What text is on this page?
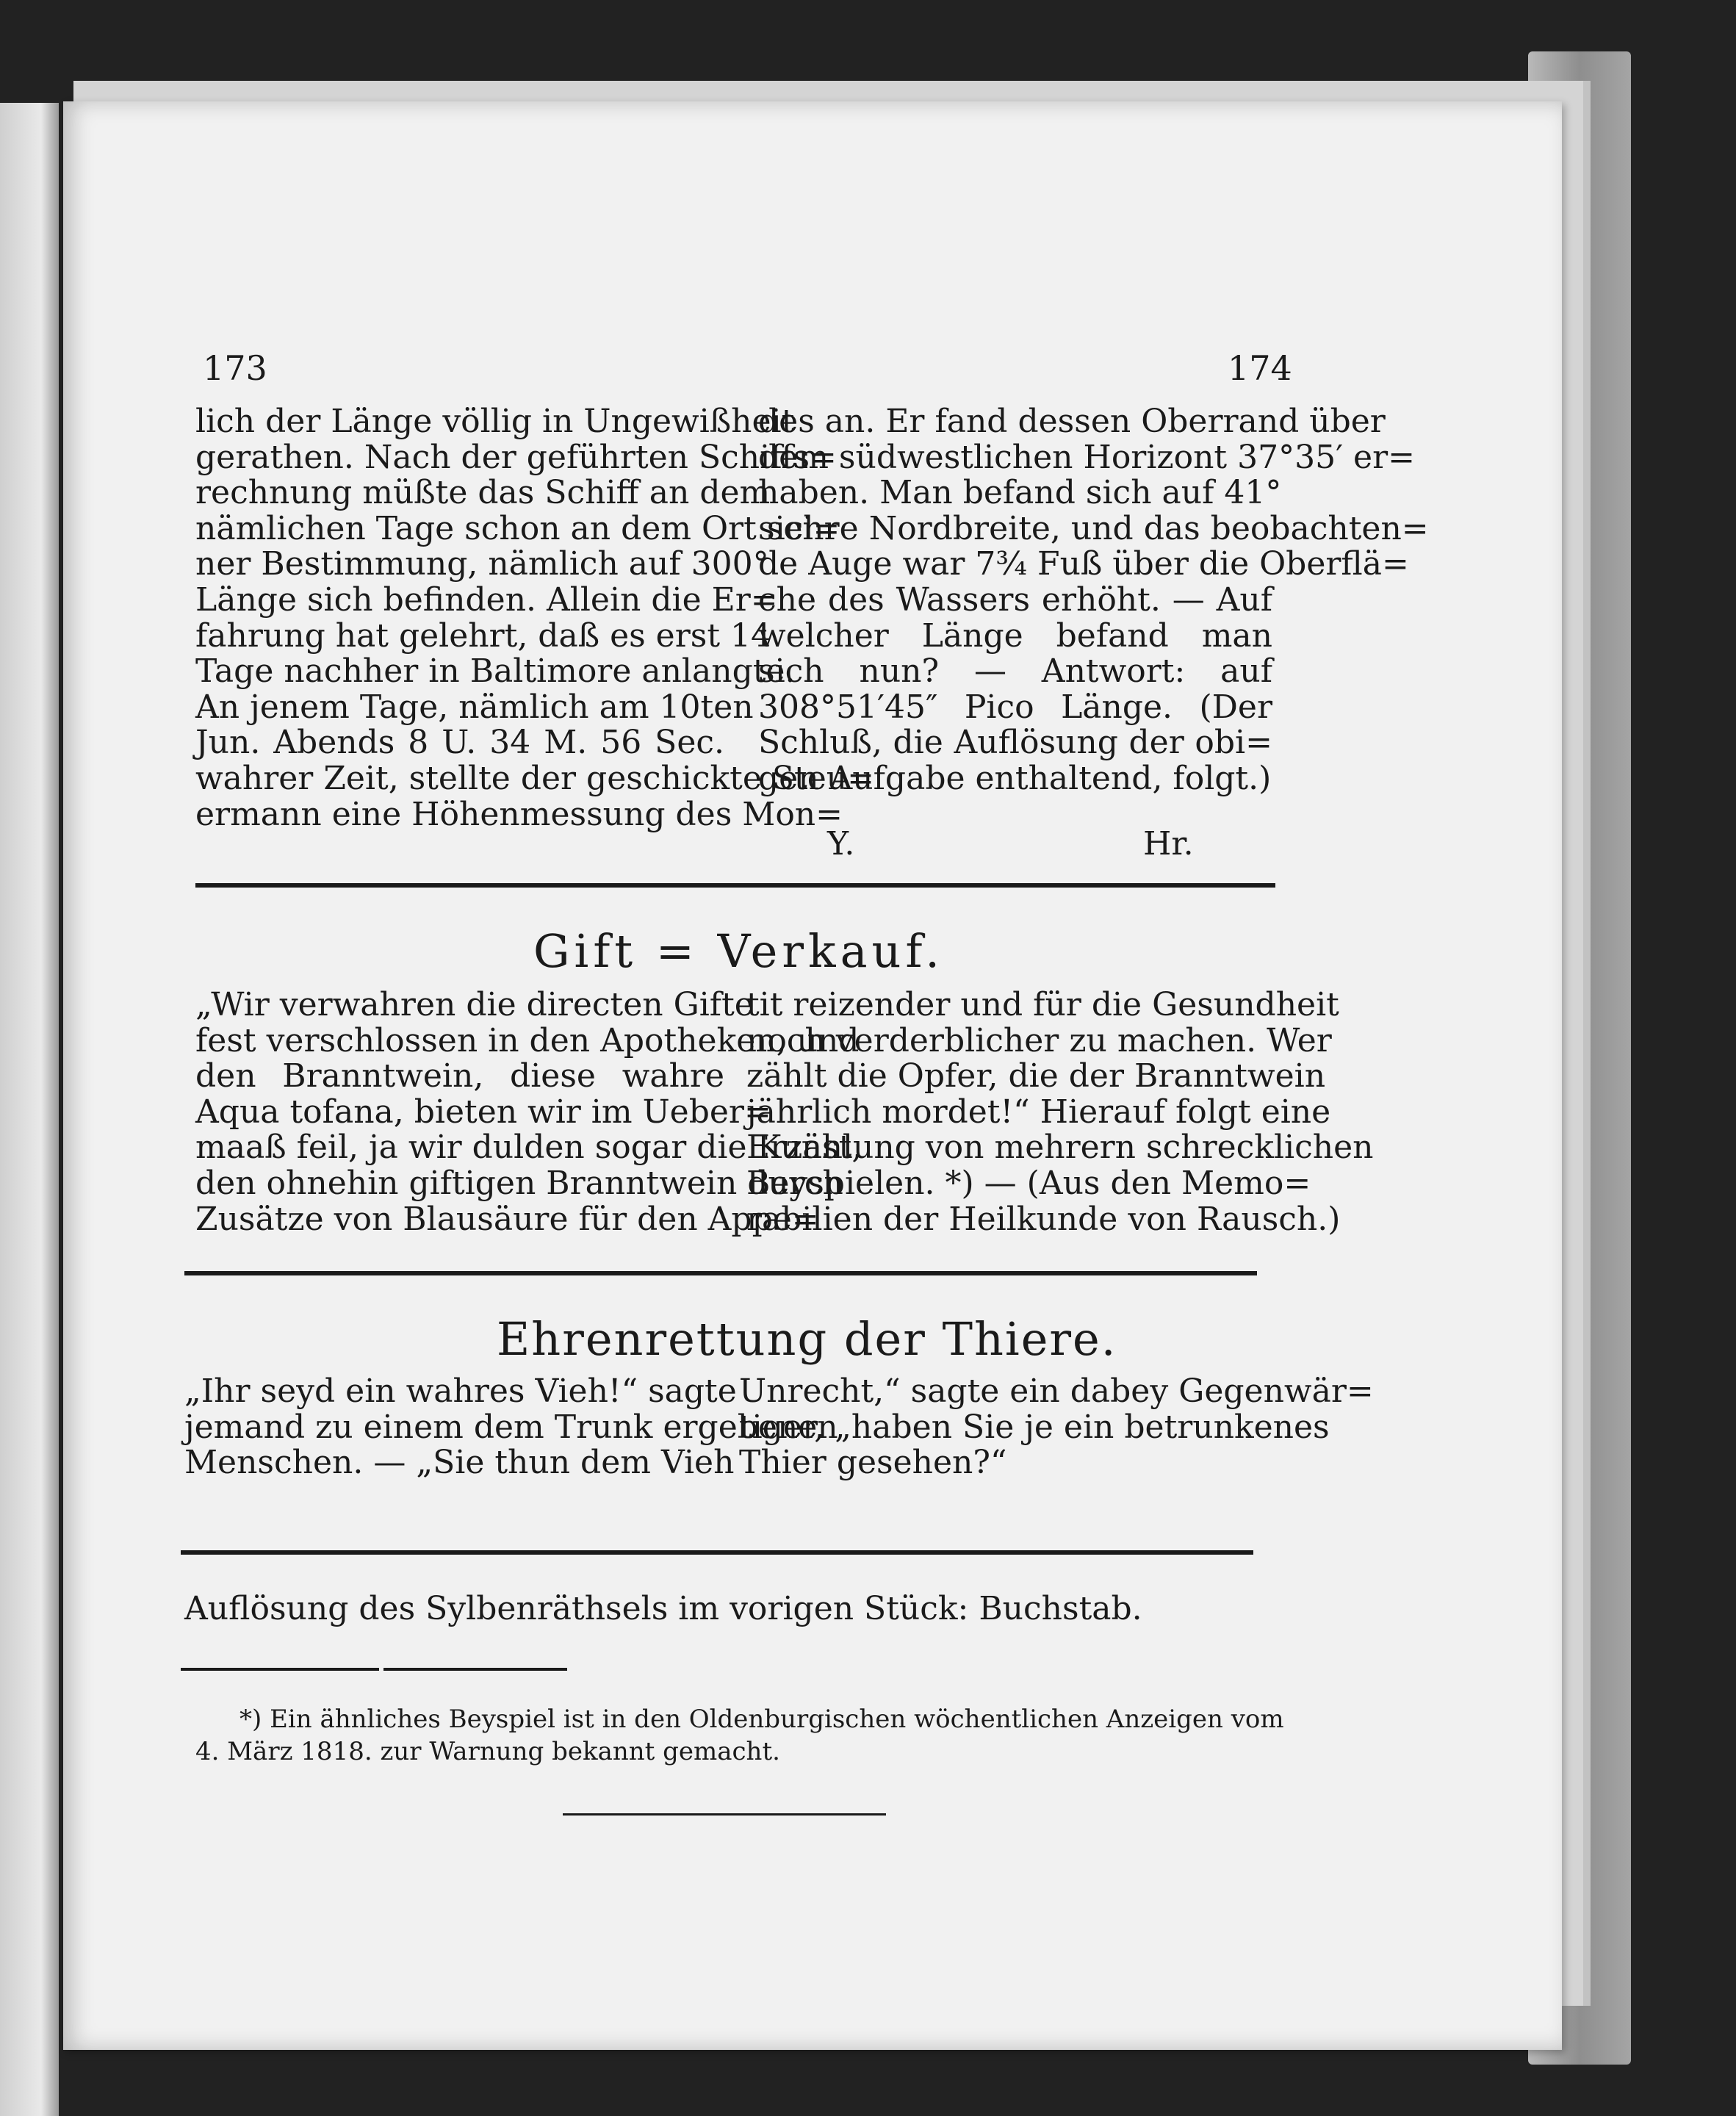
173	174
lich der Länge völlig in Ungewißheit
gerathen. Nach der geführten Schiffs=
rechnung müßte das Schiff an dem
nämlichen Tage schon an dem Ort sei=
ner Bestimmung, nämlich auf 300°
Länge sich befinden. Allein die Er=
fahrung hat gelehrt, daß es erst 14
Tage nachher in Baltimore anlangte.
An jenem Tage, nämlich am 10ten
Jun. Abends 8 U. 34 M. 56 Sec.
wahrer Zeit, stellte der geschickte Steu=
ermann eine Höhenmessung des Mon=
des an. Er fand dessen Oberrand über
dem südwestlichen Horizont 37°35′ er=
haben. Man befand sich auf 41°
sichre Nordbreite, und das beobachten=
de Auge war 7¾ Fuß über die Oberflä=
che des Wassers erhöht. — Auf
welcher Länge befand man
sich nun? — Antwort: auf
308°51′45″ Pico Länge. (Der
Schluß, die Auflösung der obi=
gen Aufgabe enthaltend, folgt.)
Y.	Hr.
Gift = Verkauf.
„Wir verwahren die directen Gifte
fest verschlossen in den Apotheken, und
den Branntwein, diese wahre
Aqua tofana, bieten wir im Ueber=
maaß feil, ja wir dulden sogar die Kunst,
den ohnehin giftigen Branntwein durch
Zusätze von Blausäure für den Appe=
tit reizender und für die Gesundheit
noch verderblicher zu machen. Wer
zählt die Opfer, die der Branntwein
jährlich mordet!“ Hierauf folgt eine
Erzählung von mehrern schrecklichen
Beyspielen. *) — (Aus den Memo=
rabilien der Heilkunde von Rausch.)
Ehrenrettung der Thiere.
„Ihr seyd ein wahres Vieh!“ sagte
jemand zu einem dem Trunk ergebenen
Menschen. — „Sie thun dem Vieh
Unrecht,“ sagte ein dabey Gegenwär=
tiger, „haben Sie je ein betrunkenes
Thier gesehen?“
Auflösung des Sylbenräthsels im vorigen Stück: Buchstab.
*) Ein ähnliches Beyspiel ist in den Oldenburgischen wöchentlichen Anzeigen vom
4. März 1818. zur Warnung bekannt gemacht.
